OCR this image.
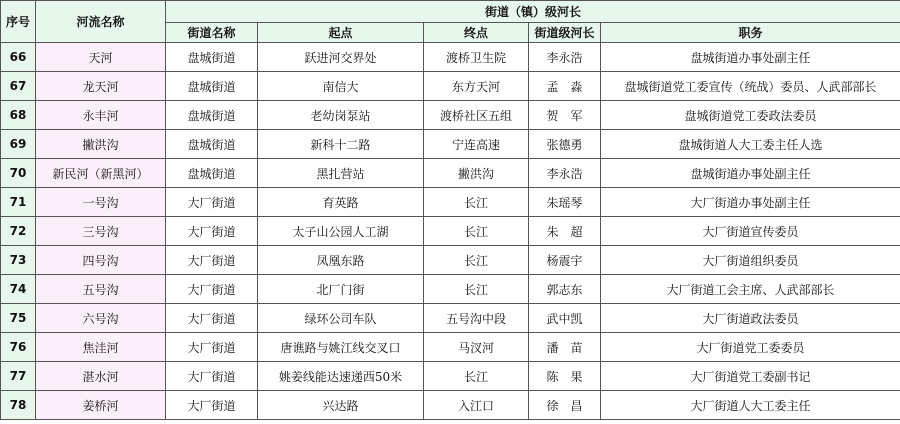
序号	河流名称	街道（镇）级河长				
		街道名称	起点	终点	街道级河长	职务
66	天河	盘城街道	跃进河交界处	渡桥卫生院	李永浩	盘城街道办事处副主任
67	龙天河	盘城街道	南信大	东方天河	孟　淼	盘城街道党工委宣传（统战）委员、人武部部长
68	永丰河	盘城街道	老幼岗泵站	渡桥社区五组	贺　军	盘城街道党工委政法委员
69	撇洪沟	盘城街道	新科十二路	宁连高速	张德勇	盘城街道人大工委主任人选
70	新民河（新黑河）	盘城街道	黑扎营站	撇洪沟	李永浩	盘城街道办事处副主任
71	一号沟	大厂街道	育英路	长江	朱瑶琴	大厂街道办事处副主任
72	三号沟	大厂街道	太子山公园人工湖	长江	朱　超	大厂街道宣传委员
73	四号沟	大厂街道	凤凰东路	长江	杨震宇	大厂街道组织委员
74	五号沟	大厂街道	北厂门街	长江	郭志东	大厂街道工会主席、人武部部长
75	六号沟	大厂街道	绿环公司车队	五号沟中段	武中凯	大厂街道政法委员
76	焦洼河	大厂街道	唐谯路与姚江线交叉口	马汊河	潘　苗	大厂街道党工委委员
77	湛水河	大厂街道	姚姜线能达速递西50米	长江	陈　果	大厂街道党工委副书记
78	姜桥河	大厂街道	兴达路	入江口	徐　昌	大厂街道人大工委主任
